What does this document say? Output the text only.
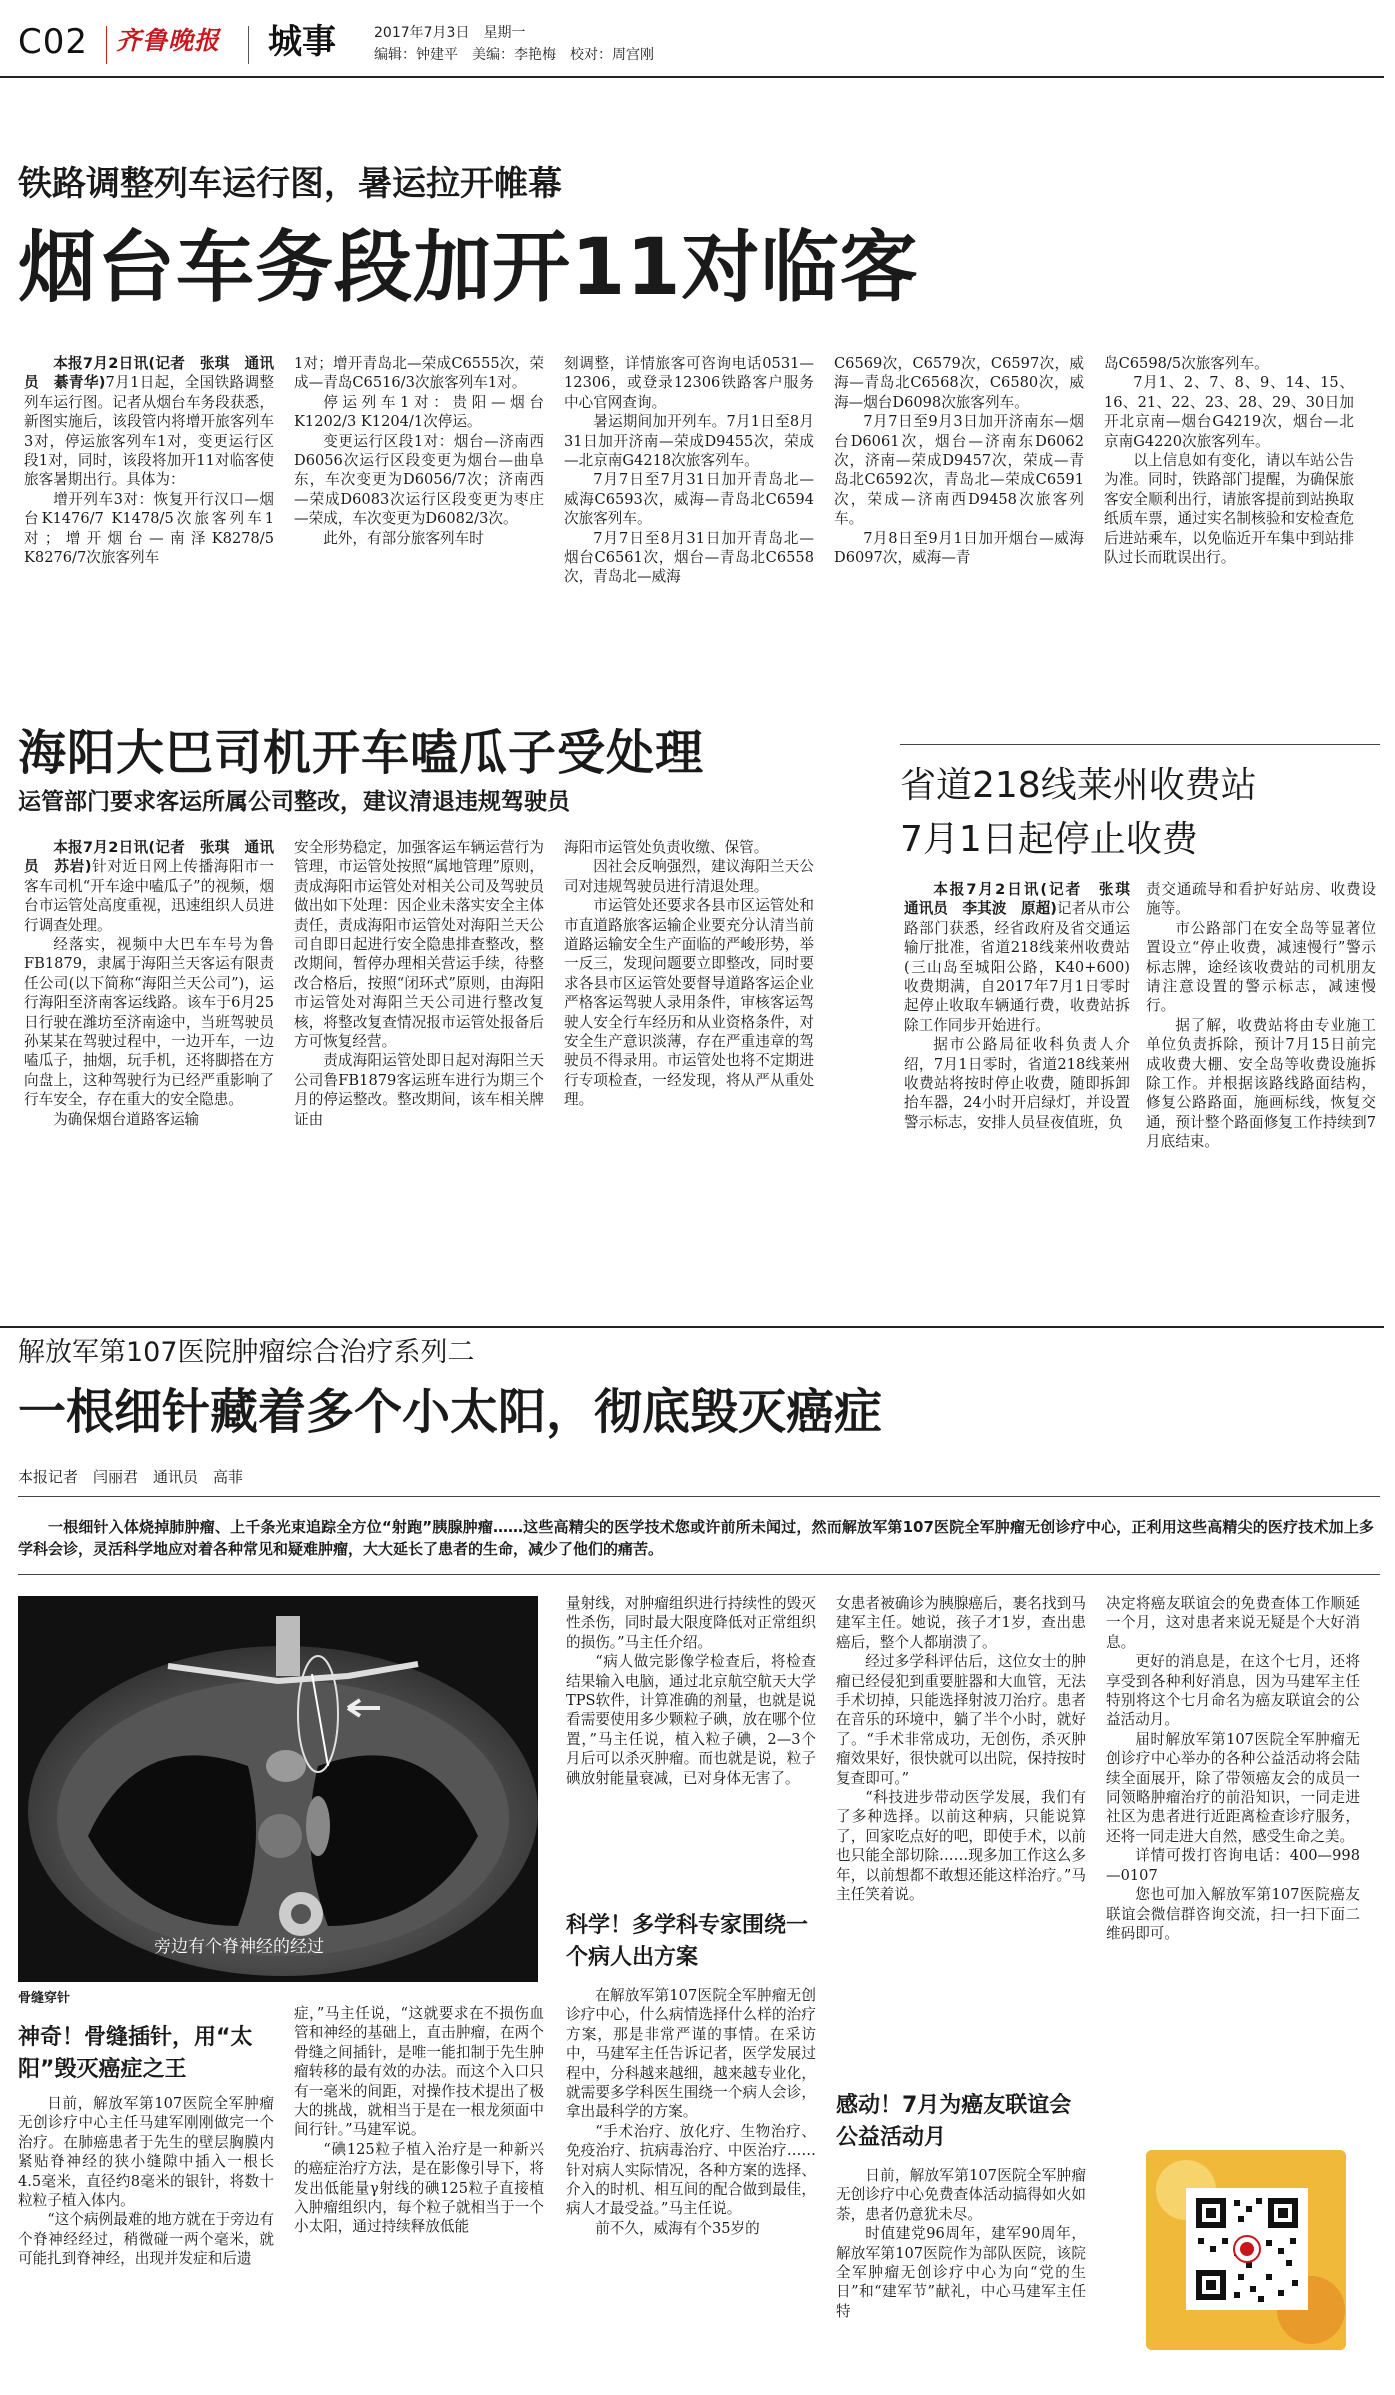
C02 齐鲁晚报 城事	2017年7月3日　星期一
编辑：钟建平　美编：李艳梅　校对：周宫刚
铁路调整列车运行图，暑运拉开帷幕
烟台车务段加开11对临客

本报7月2日讯(记者　张琪　通讯员　綦青华)7月1日起，全国铁路调整列车运行图。记者从烟台车务段获悉，新图实施后，该段管内将增开旅客列车3对，停运旅客列车1对，变更运行区段1对，同时，该段将加开11对临客使旅客暑期出行。具体为：

增开列车3对：恢复开行汉口—烟台K1476/7 K1478/5次旅客列车1对；增开烟台—南泽K8278/5 K8276/7次旅客列车

1对；增开青岛北—荣成C6555次，荣成—青岛C6516/3次旅客列车1对。

停运列车1对：贵阳—烟台K1202/3 K1204/1次停运。

变更运行区段1对：烟台—济南西D6056次运行区段变更为烟台—曲阜东，车次变更为D6056/7次；济南西—荣成D6083次运行区段变更为枣庄—荣成，车次变更为D6082/3次。

此外，有部分旅客列车时

刻调整，详情旅客可咨询电话0531—12306，或登录12306铁路客户服务中心官网查询。

暑运期间加开列车。7月1日至8月31日加开济南—荣成D9455次，荣成—北京南G4218次旅客列车。

7月7日至7月31日加开青岛北—威海C6593次，威海—青岛北C6594次旅客列车。

7月7日至8月31日加开青岛北—烟台C6561次，烟台—青岛北C6558次，青岛北—威海

C6569次，C6579次，C6597次，威海—青岛北C6568次，C6580次，威海—烟台D6098次旅客列车。

7月7日至9月3日加开济南东—烟台D6061次，烟台—济南东D6062次，济南—荣成D9457次，荣成—青岛北C6592次，青岛北—荣成C6591次，荣成—济南西D9458次旅客列车。

7月8日至9月1日加开烟台—威海D6097次，威海—青

岛C6598/5次旅客列车。

7月1、2、7、8、9、14、15、16、21、22、23、28、29、30日加开北京南—烟台G4219次，烟台—北京南G4220次旅客列车。

以上信息如有变化，请以车站公告为准。同时，铁路部门提醒，为确保旅客安全顺利出行，请旅客提前到站换取纸质车票，通过实名制核验和安检查危后进站乘车，以免临近开车集中到站排队过长而耽误出行。

海阳大巴司机开车嗑瓜子受处理
运管部门要求客运所属公司整改，建议清退违规驾驶员

本报7月2日讯(记者　张琪　通讯员　苏岩)针对近日网上传播海阳市一客车司机“开车途中嗑瓜子”的视频，烟台市运管处高度重视，迅速组织人员进行调查处理。

经落实，视频中大巴车车号为鲁FB1879，隶属于海阳兰天客运有限责任公司(以下简称“海阳兰天公司”)，运行海阳至济南客运线路。该车于6月25日行驶在潍坊至济南途中，当班驾驶员孙某某在驾驶过程中，一边开车，一边嗑瓜子，抽烟，玩手机，还将脚搭在方向盘上，这种驾驶行为已经严重影响了行车安全，存在重大的安全隐患。

为确保烟台道路客运输

安全形势稳定，加强客运车辆运营行为管理，市运管处按照“属地管理”原则，责成海阳市运管处对相关公司及驾驶员做出如下处理：因企业未落实安全主体责任，责成海阳市运管处对海阳兰天公司自即日起进行安全隐患排查整改，整改期间，暂停办理相关营运手续，待整改合格后，按照“闭环式”原则，由海阳市运管处对海阳兰天公司进行整改复核，将整改复查情况报市运管处报备后方可恢复经营。

责成海阳运管处即日起对海阳兰天公司鲁FB1879客运班车进行为期三个月的停运整改。整改期间，该车相关牌证由

海阳市运管处负责收缴、保管。

因社会反响强烈，建议海阳兰天公司对违规驾驶员进行清退处理。

市运管处还要求各县市区运管处和市直道路旅客运输企业要充分认清当前道路运输安全生产面临的严峻形势，举一反三，发现问题要立即整改，同时要求各县市区运管处要督导道路客运企业严格客运驾驶人录用条件，审核客运驾驶人安全行车经历和从业资格条件，对安全生产意识淡薄，存在严重违章的驾驶员不得录用。市运管处也将不定期进行专项检查，一经发现，将从严从重处理。

省道218线莱州收费站
7月1日起停止收费

本报7月2日讯(记者　张琪　通讯员　李其波　原超)记者从市公路部门获悉，经省政府及省交通运输厅批准，省道218线莱州收费站(三山岛至城阳公路，K40+600)收费期满，自2017年7月1日零时起停止收取车辆通行费，收费站拆除工作同步开始进行。

据市公路局征收科负责人介绍，7月1日零时，省道218线莱州收费站将按时停止收费，随即拆卸抬车器，24小时开启绿灯，并设置警示标志，安排人员昼夜值班，负

责交通疏导和看护好站房、收费设施等。

市公路部门在安全岛等显著位置设立“停止收费，减速慢行”警示标志牌，途经该收费站的司机朋友请注意设置的警示标志，减速慢行。

据了解，收费站将由专业施工单位负责拆除，预计7月15日前完成收费大棚、安全岛等收费设施拆除工作。并根据该路线路面结构，修复公路路面，施画标线，恢复交通，预计整个路面修复工作持续到7月底结束。

解放军第107医院肿瘤综合治疗系列二
一根细针藏着多个小太阳，彻底毁灭癌症
本报记者　闫丽君　通讯员　高菲
一根细针入体烧掉肺肿瘤、上千条光束追踪全方位“射跑”胰腺肿瘤……这些高精尖的医学技术您或许前所未闻过，然而解放军第107医院全军肿瘤无创诊疗中心，正利用这些高精尖的医疗技术加上多学科会诊，灵活科学地应对着各种常见和疑难肿瘤，大大延长了患者的生命，减少了他们的痛苦。
旁边有个脊神经的经过
骨缝穿针
神奇！骨缝插针，用“太阳”毁灭癌症之王

日前，解放军第107医院全军肿瘤无创诊疗中心主任马建军刚刚做完一个治疗。在肺癌患者于先生的壁层胸膜内紧贴脊神经的狭小缝隙中插入一根长4.5毫米，直径约8毫米的银针，将数十粒粒子植入体内。

“这个病例最难的地方就在于旁边有个脊神经经过，稍微碰一两个毫米，就可能扎到脊神经，出现并发症和后遗

症，”马主任说，“这就要求在不损伤血管和神经的基础上，直击肿瘤，在两个骨缝之间插针，是唯一能扣制于先生肿瘤转移的最有效的办法。而这个入口只有一毫米的间距，对操作技术提出了极大的挑战，就相当于是在一根龙须面中间行针。”马建军说。

“碘125粒子植入治疗是一种新兴的癌症治疗方法，是在影像引导下，将发出低能量γ射线的碘125粒子直接植入肿瘤组织内，每个粒子就相当于一个小太阳，通过持续释放低能

量射线，对肿瘤组织进行持续性的毁灭性杀伤，同时最大限度降低对正常组织的损伤。”马主任介绍。

“病人做完影像学检查后，将检查结果输入电脑，通过北京航空航天大学TPS软件，计算准确的剂量，也就是说看需要使用多少颗粒子碘，放在哪个位置，”马主任说，植入粒子碘，2—3个月后可以杀灭肿瘤。而也就是说，粒子碘放射能量衰减，已对身体无害了。

科学！多学科专家围绕一个病人出方案

在解放军第107医院全军肿瘤无创诊疗中心，什么病情选择什么样的治疗方案，那是非常严谨的事情。在采访中，马建军主任告诉记者，医学发展过程中，分科越来越细，越来越专业化，就需要多学科医生围绕一个病人会诊，拿出最科学的方案。

“手术治疗、放化疗、生物治疗、免疫治疗、抗病毒治疗、中医治疗……针对病人实际情况，各种方案的选择、介入的时机、相互间的配合做到最佳，病人才最受益。”马主任说。

前不久，威海有个35岁的

女患者被确诊为胰腺癌后，裹名找到马建军主任。她说，孩子才1岁，查出患癌后，整个人都崩溃了。

经过多学科评估后，这位女士的肿瘤已经侵犯到重要脏器和大血管，无法手术切掉，只能选择射波刀治疗。患者在音乐的环境中，躺了半个小时，就好了。“手术非常成功，无创伤，杀灭肿瘤效果好，很快就可以出院，保持按时复查即可。”

“科技进步带动医学发展，我们有了多种选择。以前这种病，只能说算了，回家吃点好的吧，即使手术，以前也只能全部切除……现多加工作这么多年，以前想都不敢想还能这样治疗。”马主任笑着说。

感动！7月为癌友联谊会公益活动月

日前，解放军第107医院全军肿瘤无创诊疗中心免费查体活动搞得如火如荼，患者仍意犹未尽。

时值建党96周年，建军90周年，解放军第107医院作为部队医院，该院全军肿瘤无创诊疗中心为向“党的生日”和“建军节”献礼，中心马建军主任特

决定将癌友联谊会的免费查体工作顺延一个月，这对患者来说无疑是个大好消息。

更好的消息是，在这个七月，还将享受到各种利好消息，因为马建军主任特别将这个七月命名为癌友联谊会的公益活动月。

届时解放军第107医院全军肿瘤无创诊疗中心举办的各种公益活动将会陆续全面展开，除了带领癌友会的成员一同领略肿瘤治疗的前沿知识，一同走进社区为患者进行近距离检查诊疗服务，还将一同走进大自然，感受生命之美。

详情可拨打咨询电话：400—998—0107

您也可加入解放军第107医院癌友联谊会微信群咨询交流，扫一扫下面二维码即可。
